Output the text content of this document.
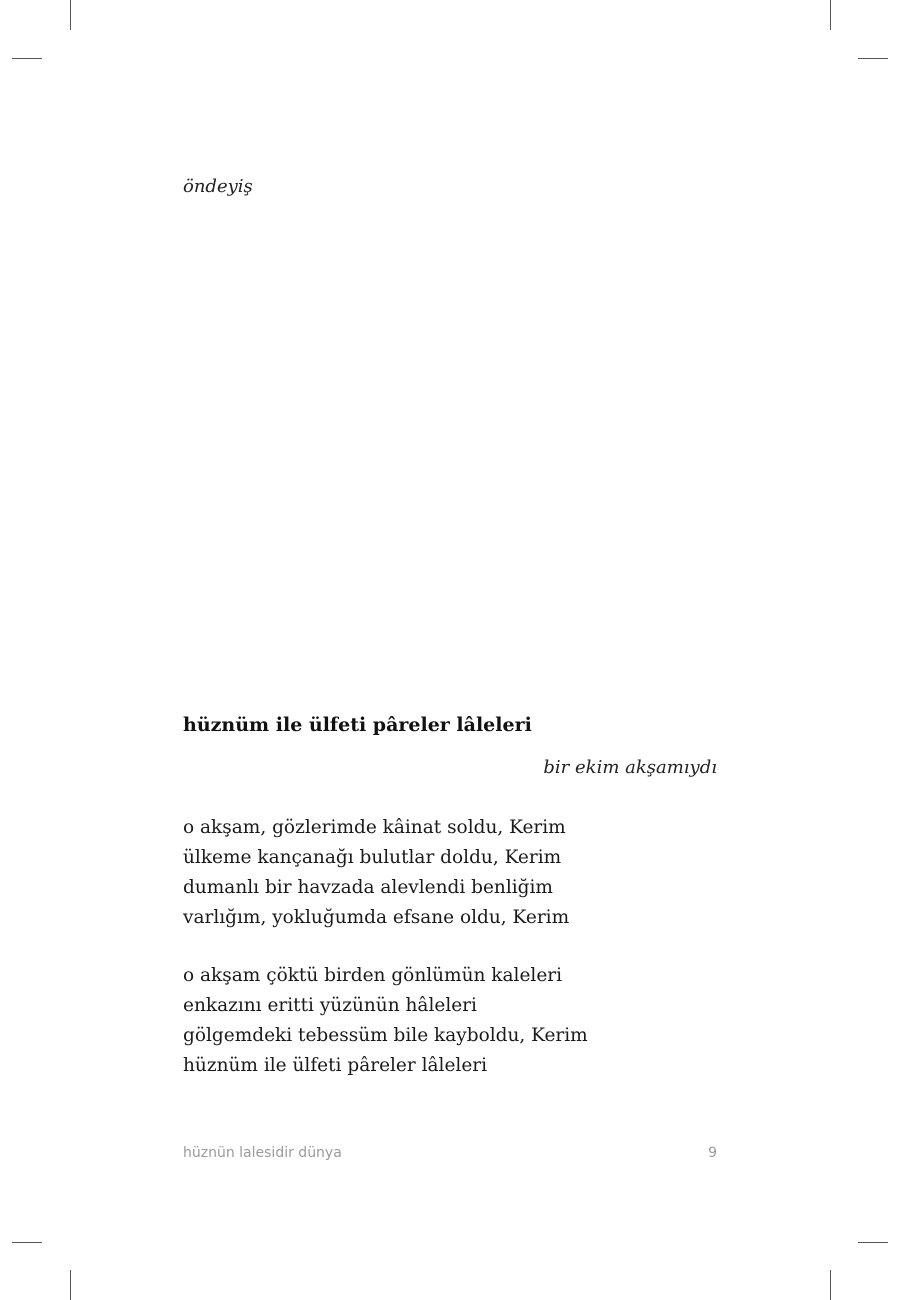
öndeyiş
hüznüm ile ülfeti pâreler lâleleri
bir ekim akşamıydı
o akşam, gözlerimde kâinat soldu, Kerim
ülkeme kançanağı bulutlar doldu, Kerim
dumanlı bir havzada alevlendi benliğim
varlığım, yokluğumda efsane oldu, Kerim
o akşam çöktü birden gönlümün kaleleri
enkazını eritti yüzünün hâleleri
gölgemdeki tebessüm bile kayboldu, Kerim
hüznüm ile ülfeti pâreler lâleleri
hüznün lalesidir dünya	9
